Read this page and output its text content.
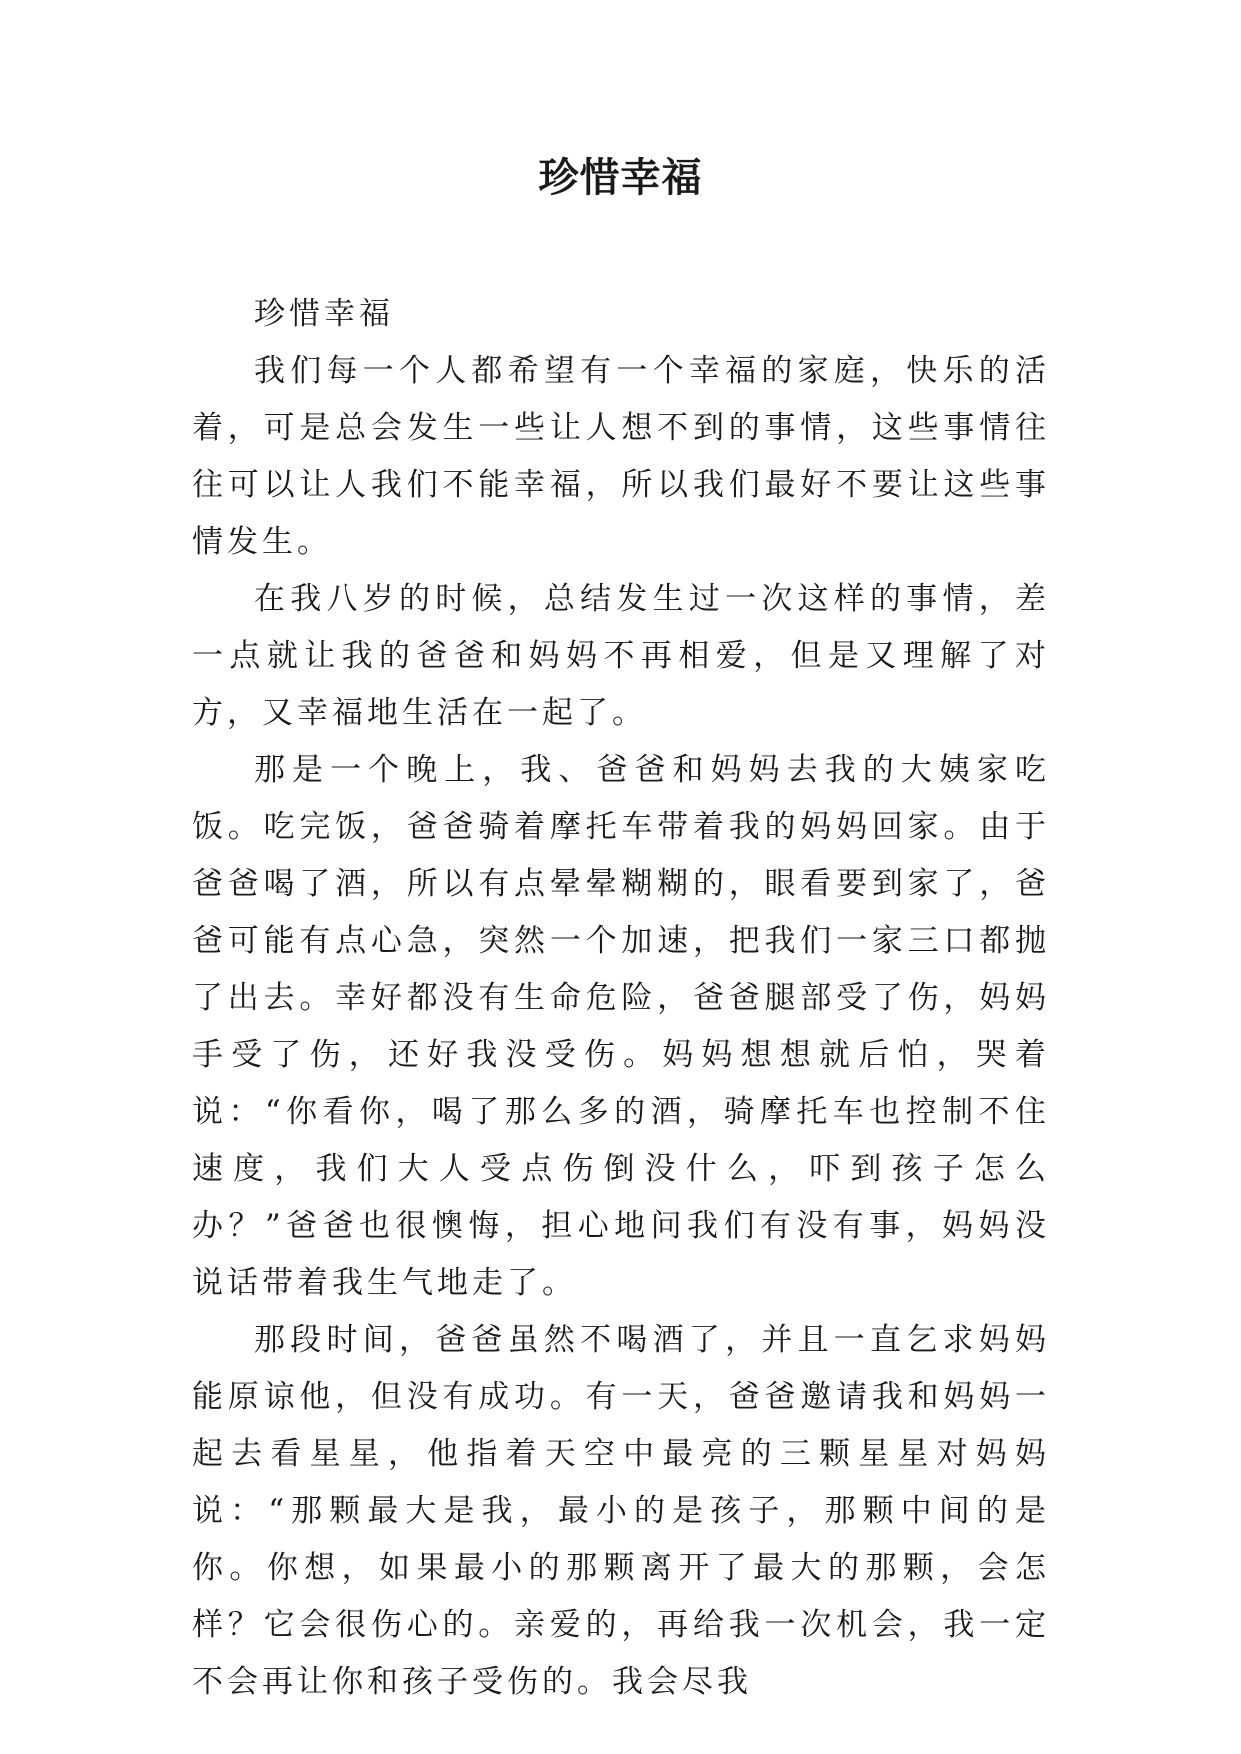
珍惜幸福

珍惜幸福

我们每一个人都希望有一个幸福的家庭，快乐的活着，可是总会发生一些让人想不到的事情，这些事情往往可以让人我们不能幸福，所以我们最好不要让这些事情发生。

在我八岁的时候，总结发生过一次这样的事情，差一点就让我的爸爸和妈妈不再相爱，但是又理解了对方，又幸福地生活在一起了。

那是一个晚上，我、爸爸和妈妈去我的大姨家吃饭。吃完饭，爸爸骑着摩托车带着我的妈妈回家。由于爸爸喝了酒，所以有点晕晕糊糊的，眼看要到家了，爸爸可能有点心急，突然一个加速，把我们一家三口都抛了出去。幸好都没有生命危险，爸爸腿部受了伤，妈妈手受了伤，还好我没受伤。妈妈想想就后怕，哭着说：“你看你，喝了那么多的酒，骑摩托车也控制不住速度，我们大人受点伤倒没什么，吓到孩子怎么办？”爸爸也很懊悔，担心地问我们有没有事，妈妈没说话带着我生气地走了。

那段时间，爸爸虽然不喝酒了，并且一直乞求妈妈能原谅他，但没有成功。有一天，爸爸邀请我和妈妈一起去看星星，他指着天空中最亮的三颗星星对妈妈说：“那颗最大是我，最小的是孩子，那颗中间的是你。你想，如果最小的那颗离开了最大的那颗，会怎样？它会很伤心的。亲爱的，再给我一次机会，我一定不会再让你和孩子受伤的。我会尽我
